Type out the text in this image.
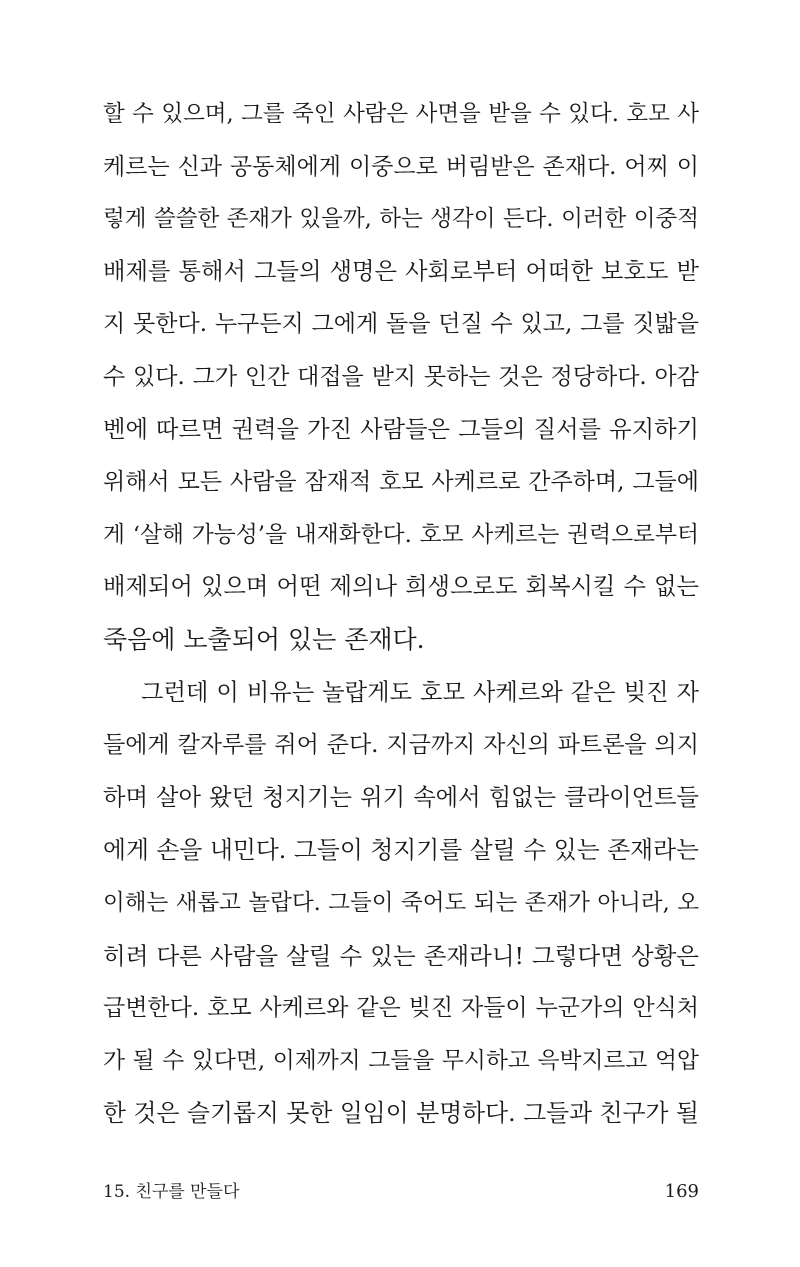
할 수 있으며, 그를 죽인 사람은 사면을 받을 수 있다. 호모 사
케르는 신과 공동체에게 이중으로 버림받은 존재다. 어찌 이
렇게 쓸쓸한 존재가 있을까, 하는 생각이 든다. 이러한 이중적
배제를 통해서 그들의 생명은 사회로부터 어떠한 보호도 받
지 못한다. 누구든지 그에게 돌을 던질 수 있고, 그를 짓밟을
수 있다. 그가 인간 대접을 받지 못하는 것은 정당하다. 아감
벤에 따르면 권력을 가진 사람들은 그들의 질서를 유지하기
위해서 모든 사람을 잠재적 호모 사케르로 간주하며, 그들에
게 ‘살해 가능성’을 내재화한다. 호모 사케르는 권력으로부터
배제되어 있으며 어떤 제의나 희생으로도 회복시킬 수 없는
죽음에 노출되어 있는 존재다.
그런데 이 비유는 놀랍게도 호모 사케르와 같은 빚진 자
들에게 칼자루를 쥐어 준다. 지금까지 자신의 파트론을 의지
하며 살아 왔던 청지기는 위기 속에서 힘없는 클라이언트들
에게 손을 내민다. 그들이 청지기를 살릴 수 있는 존재라는
이해는 새롭고 놀랍다. 그들이 죽어도 되는 존재가 아니라, 오
히려 다른 사람을 살릴 수 있는 존재라니! 그렇다면 상황은
급변한다. 호모 사케르와 같은 빚진 자들이 누군가의 안식처
가 될 수 있다면, 이제까지 그들을 무시하고 윽박지르고 억압
한 것은 슬기롭지 못한 일임이 분명하다. 그들과 친구가 될
15. 친구를 만들다	169
